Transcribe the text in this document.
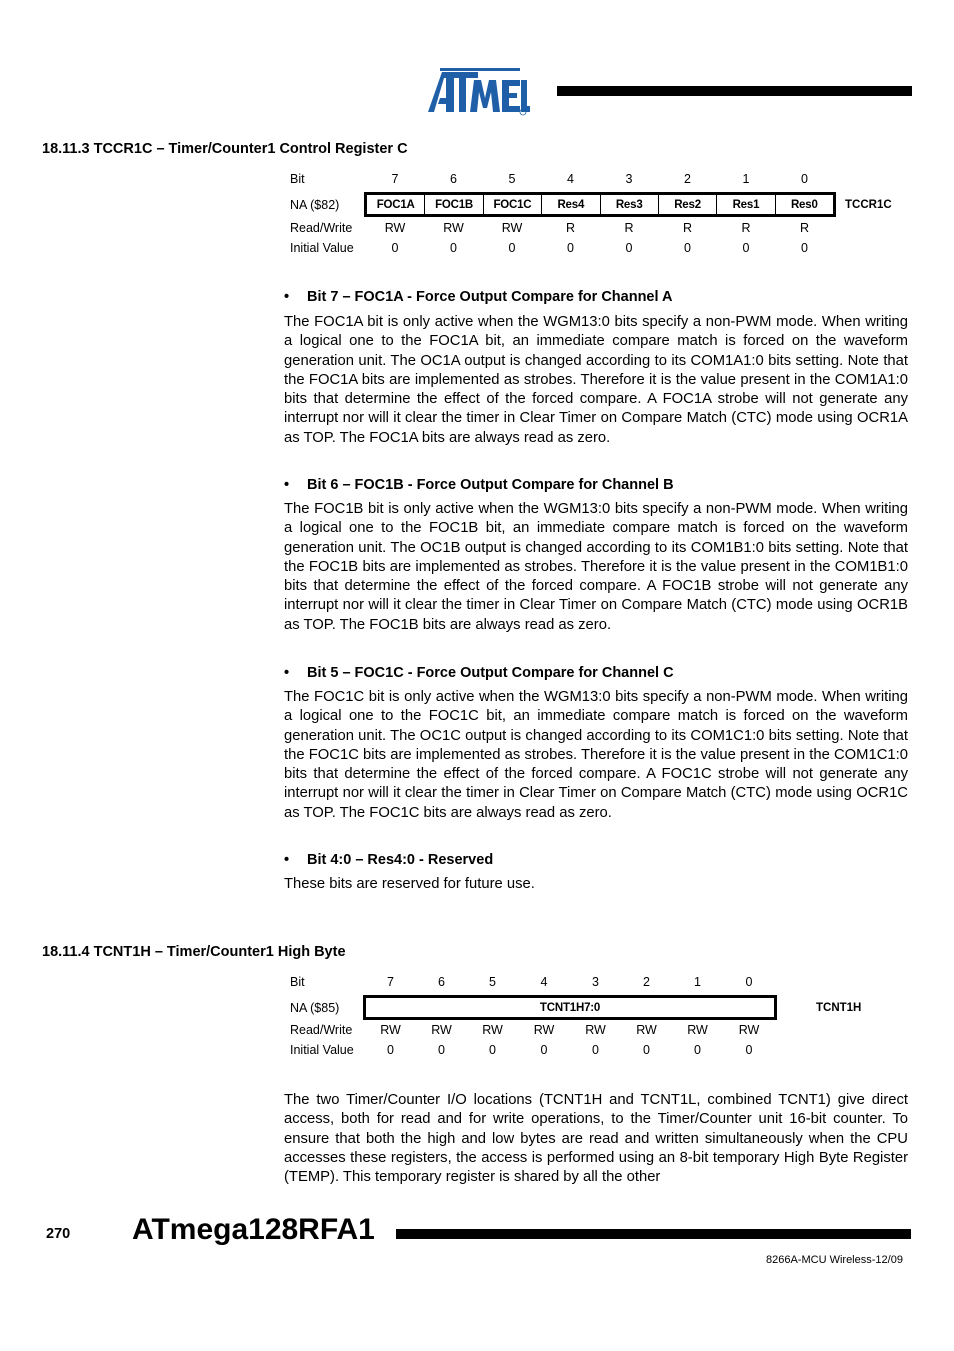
18.11.3 TCCR1C – Timer/Counter1 Control Register C
Bit	7	6	5	4	3	2	1	0
NA ($82)	FOC1A	FOC1B	FOC1C	Res4	Res3	Res2	Res1	Res0	TCCR1C
Read/Write	RW	RW	RW	R	R	R	R	R
Initial Value	0	0	0	0	0	0	0	0
• Bit 7 – FOC1A - Force Output Compare for Channel A

The FOC1A bit is only active when the WGM13:0 bits specify a non-PWM mode. When writing a logical one to the FOC1A bit, an immediate compare match is forced on the waveform generation unit. The OC1A output is changed according to its COM1A1:0 bits setting. Note that the FOC1A bits are implemented as strobes. Therefore it is the value present in the COM1A1:0 bits that determine the effect of the forced compare. A FOC1A strobe will not generate any interrupt nor will it clear the timer in Clear Timer on Compare Match (CTC) mode using OCR1A as TOP. The FOC1A bits are always read as zero.

• Bit 6 – FOC1B - Force Output Compare for Channel B

The FOC1B bit is only active when the WGM13:0 bits specify a non-PWM mode. When writing a logical one to the FOC1B bit, an immediate compare match is forced on the waveform generation unit. The OC1B output is changed according to its COM1B1:0 bits setting. Note that the FOC1B bits are implemented as strobes. Therefore it is the value present in the COM1B1:0 bits that determine the effect of the forced compare. A FOC1B strobe will not generate any interrupt nor will it clear the timer in Clear Timer on Compare Match (CTC) mode using OCR1B as TOP. The FOC1B bits are always read as zero.

• Bit 5 – FOC1C - Force Output Compare for Channel C

The FOC1C bit is only active when the WGM13:0 bits specify a non-PWM mode. When writing a logical one to the FOC1C bit, an immediate compare match is forced on the waveform generation unit. The OC1C output is changed according to its COM1C1:0 bits setting. Note that the FOC1C bits are implemented as strobes. Therefore it is the value present in the COM1C1:0 bits that determine the effect of the forced compare. A FOC1C strobe will not generate any interrupt nor will it clear the timer in Clear Timer on Compare Match (CTC) mode using OCR1C as TOP. The FOC1C bits are always read as zero.

• Bit 4:0 – Res4:0 - Reserved

These bits are reserved for future use.

18.11.4 TCNT1H – Timer/Counter1 High Byte
Bit	7	6	5	4	3	2	1	0
NA ($85)	TCNT1H7:0	TCNT1H
Read/Write	RW	RW	RW	RW	RW	RW	RW	RW
Initial Value	0	0	0	0	0	0	0	0

The two Timer/Counter I/O locations (TCNT1H and TCNT1L, combined TCNT1) give direct access, both for read and for write operations, to the Timer/Counter unit 16-bit counter. To ensure that both the high and low bytes are read and written simultaneously when the CPU accesses these registers, the access is performed using an 8-bit temporary High Byte Register (TEMP). This temporary register is shared by all the other

270 ATmega128RFA1
8266A-MCU Wireless-12/09
